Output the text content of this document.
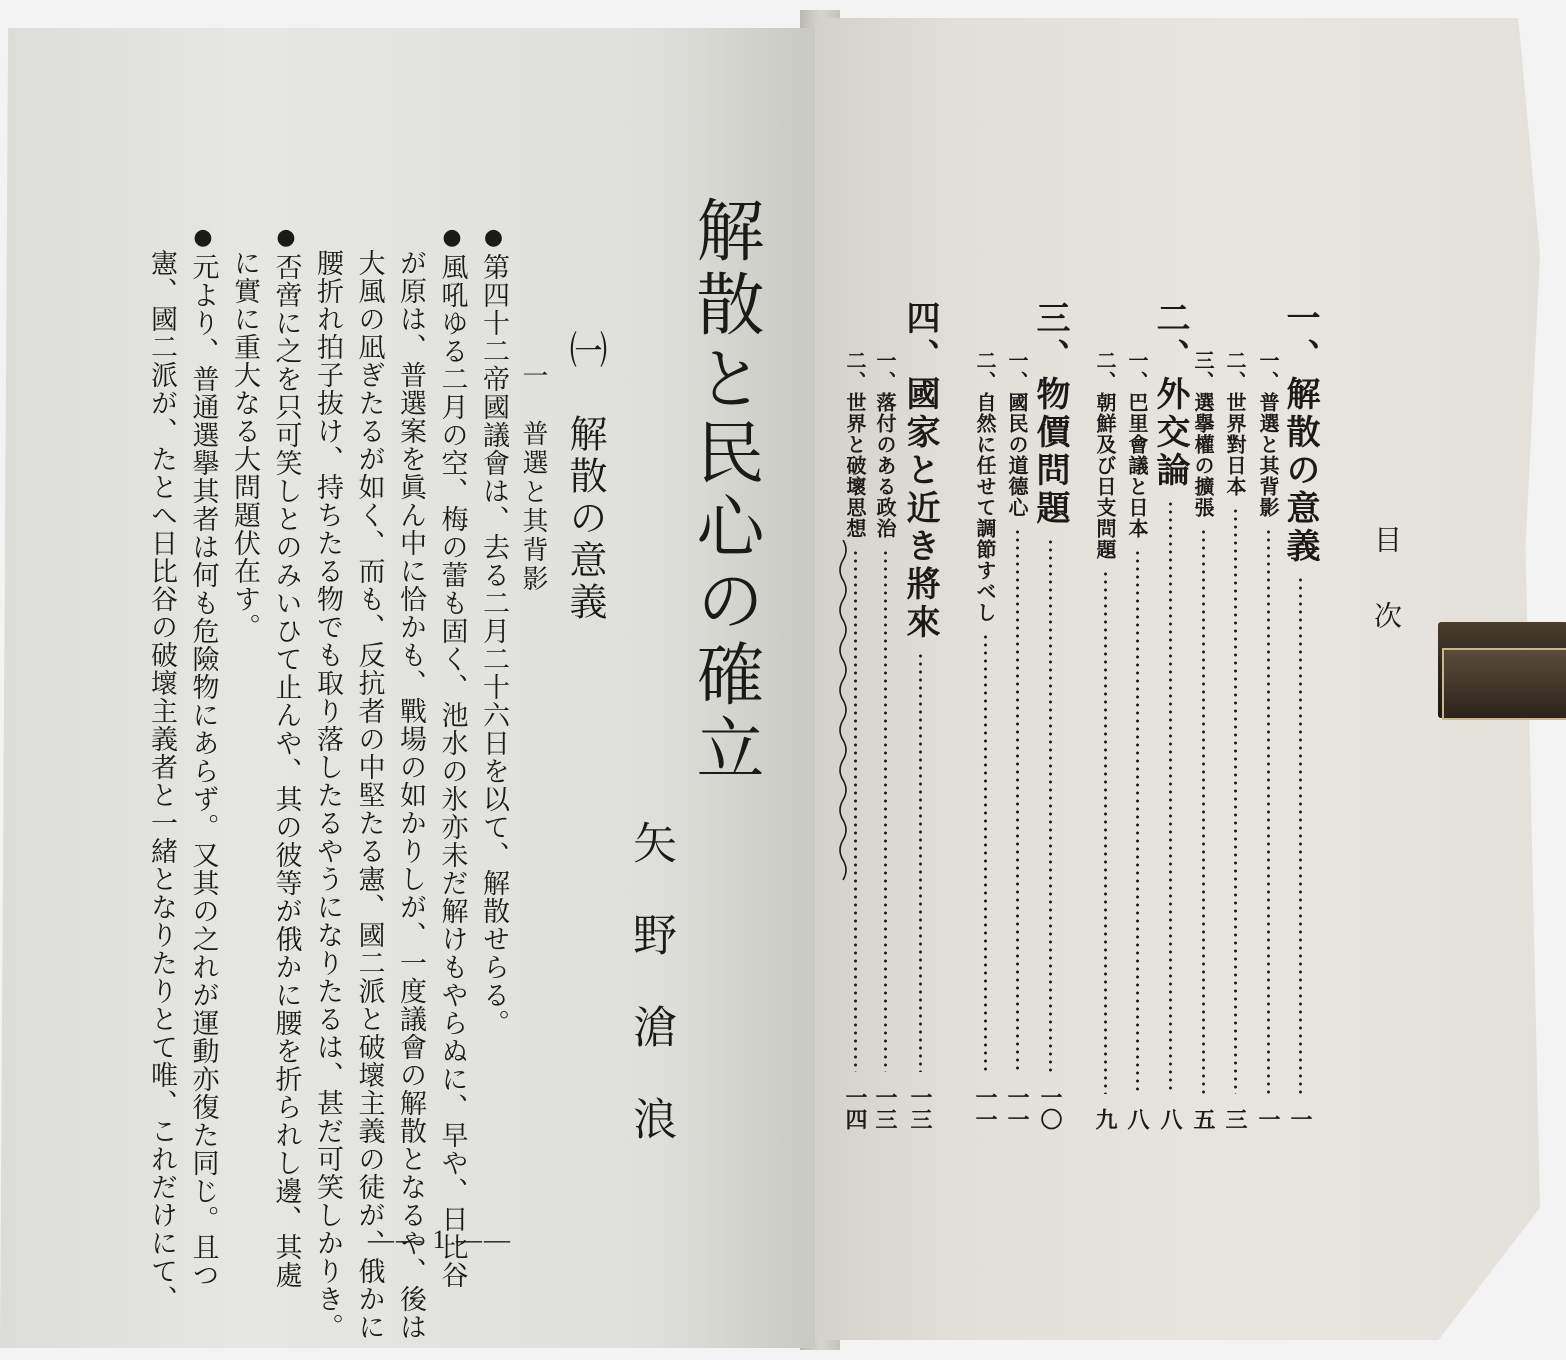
解散と民心の確立
矢野滄浪
㈠　解散の意義
一　普選と其背影
● 第四十二帝國議會は、去る二月二十六日を以て、解散せらる。
● 風吼ゆる二月の空、梅の蕾も固く、池水の氷亦未だ解けもやらぬに、早や、日比谷
が原は、普選案を眞ん中に恰かも、戰場の如かりしが、一度議會の解散となるや、後は
大風の凪ぎたるが如く、而も、反抗者の中堅たる憲、國二派と破壞主義の徒が、俄かに
腰折れ拍子抜け、持ちたる物でも取り落したるやうになりたるは、甚だ可笑しかりき。
● 否啻に之を只可笑しとのみいひて止んや、其の彼等が俄かに腰を折られし邊、其處
に實に重大なる大問題伏在す。
● 元より、普通選擧其者は何も危險物にあらず。又其の之れが運動亦復た同じ。且つ
憲、國二派が、たとへ日比谷の破壞主義者と一緒となりたりとて唯、これだけにて、	—— 1 ——
目　次
一、解散の意義
一
一、普選と其背影
一
二、世界對日本
三
三、選擧權の擴張
五
二、外交論
八
一、巴里會議と日本
八
二、朝鮮及び日支問題
九
三、物價問題
一〇
一、國民の道德心
一一
二、自然に任せて調節すべし
一一
四、國家と近き將來
一三
一、落付のある政治
一三
二、世界と破壞思想
一四
